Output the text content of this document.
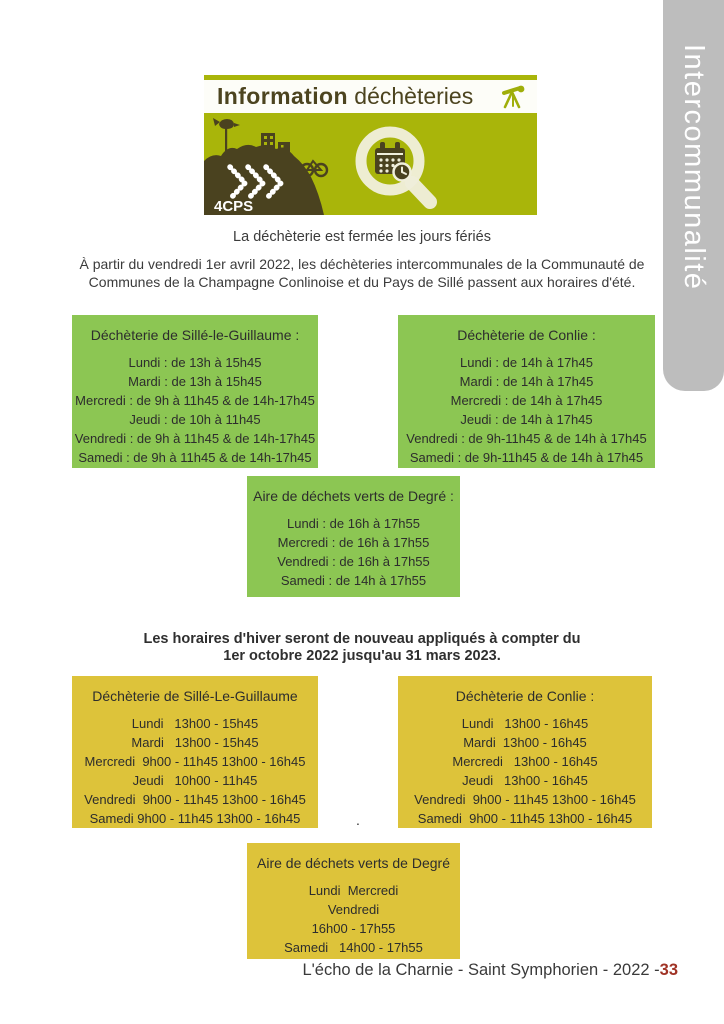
Intercommunalité
Information déchèteries
4CPS
La déchèterie est fermée les jours fériés
À partir du vendredi 1er avril 2022, les déchèteries intercommunales de la Communauté de Communes de la Champagne Conlinoise et du Pays de Sillé passent aux horaires d'été.
Déchèterie de Sillé-le-Guillaume :
Lundi : de 13h à 15h45
Mardi : de 13h à 15h45
Mercredi : de 9h à 11h45 & de 14h-17h45
Jeudi : de 10h à 11h45
Vendredi : de 9h à 11h45 & de 14h-17h45
Samedi : de 9h à 11h45 & de 14h-17h45
Déchèterie de Conlie :
Lundi : de 14h à 17h45
Mardi : de 14h à 17h45
Mercredi : de 14h à 17h45
Jeudi : de 14h à 17h45
Vendredi : de 9h-11h45 & de 14h à 17h45
Samedi : de 9h-11h45 & de 14h à 17h45
Aire de déchets verts de Degré :
Lundi : de 16h à 17h55
Mercredi : de 16h à 17h55
Vendredi : de 16h à 17h55
Samedi : de 14h à 17h55
Les horaires d'hiver seront de nouveau appliqués à compter du
1er octobre 2022 jusqu'au 31 mars 2023.
Déchèterie de Sillé-Le-Guillaume
Lundi   13h00 - 15h45
Mardi   13h00 - 15h45
Mercredi  9h00 - 11h45 13h00 - 16h45
Jeudi   10h00 - 11h45
Vendredi  9h00 - 11h45 13h00 - 16h45
Samedi 9h00 - 11h45 13h00 - 16h45
Déchèterie de Conlie :
Lundi   13h00 - 16h45
Mardi  13h00 - 16h45
Mercredi   13h00 - 16h45
Jeudi   13h00 - 16h45
Vendredi  9h00 - 11h45 13h00 - 16h45
Samedi  9h00 - 11h45 13h00 - 16h45
.
Aire de déchets verts de Degré
Lundi  Mercredi
Vendredi
16h00 - 17h55
Samedi   14h00 - 17h55
L'écho de la Charnie - Saint Symphorien - 2022 -33
